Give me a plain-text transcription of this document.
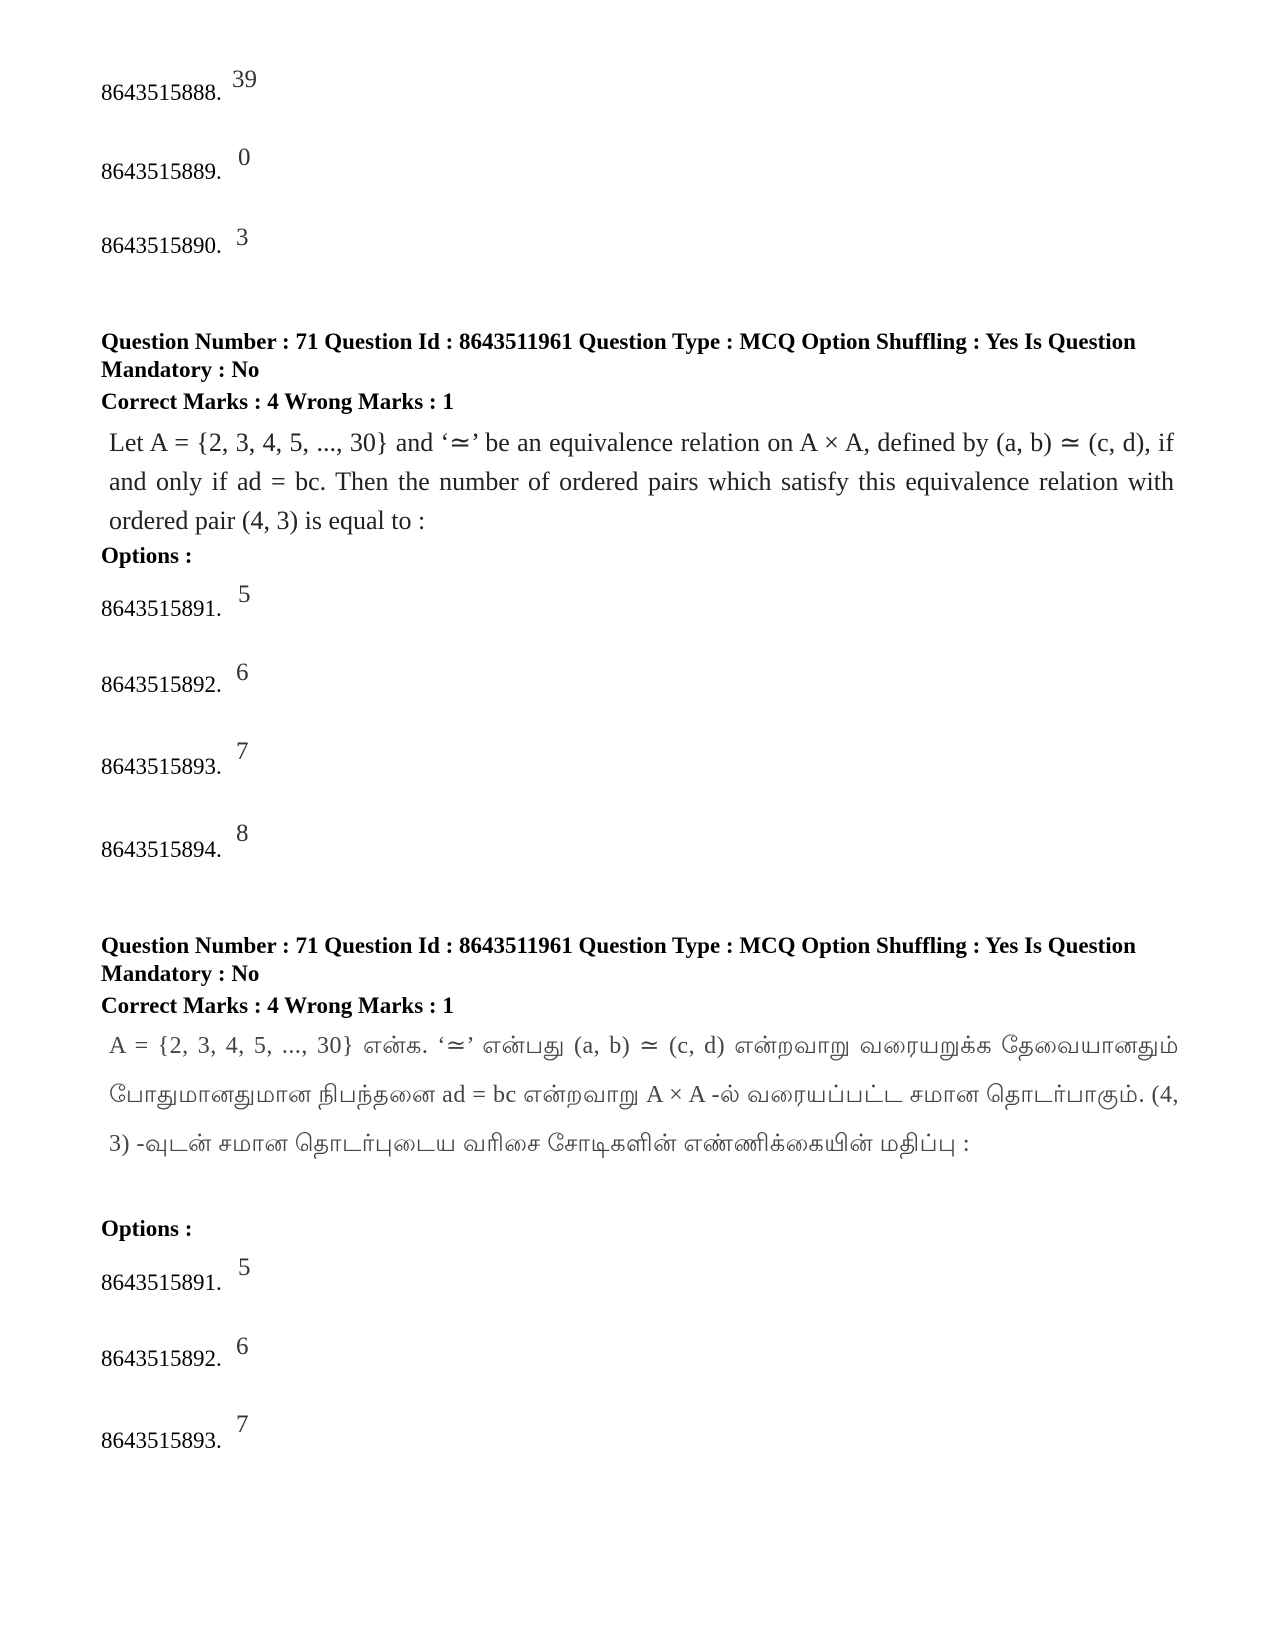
8643515888. 39
8643515889.
0
8643515890. 3
Question Number : 71 Question Id : 8643511961 Question Type : MCQ Option Shuffling : Yes Is Question Mandatory : No
Correct Marks : 4 Wrong Marks : 1
Let A = {2, 3, 4, 5, ..., 30} and ‘≃’ be an equivalence relation on A × A, defined by (a, b) ≃ (c, d), if and only if ad = bc. Then the number of ordered pairs which satisfy this equivalence relation with ordered pair (4, 3) is equal to :
Options :
8643515891.
5
8643515892. 6
8643515893.
7
8643515894.
8
Question Number : 71 Question Id : 8643511961 Question Type : MCQ Option Shuffling : Yes Is Question Mandatory : No
Correct Marks : 4 Wrong Marks : 1
A = {2, 3, 4, 5, ..., 30} என்க. ‘≃’ என்பது (a, b) ≃ (c, d) என்றவாறு வரையறுக்க தேவையானதும் போதுமானதுமான நிபந்தனை ad = bc என்றவாறு A × A -ல் வரையப்பட்ட சமான தொடர்பாகும். (4, 3) -வுடன் சமான தொடர்புடைய வரிசை சோடிகளின் எண்ணிக்கையின் மதிப்பு :
Options :
8643515891.
5
8643515892. 6
8643515893.
7
